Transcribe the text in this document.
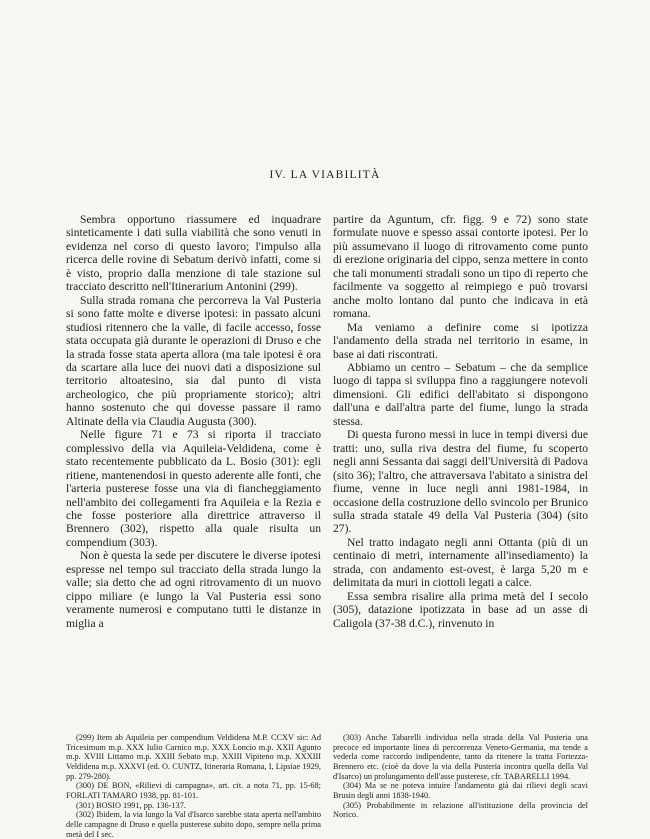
IV. LA VIABILITÀ

Sembra opportuno riassumere ed inquadrare sinteticamente i dati sulla viabilità che sono venuti in evidenza nel corso di questo lavoro; l'impulso alla ricerca delle rovine di Sebatum derivò infatti, come si è visto, proprio dalla menzione di tale stazione sul tracciato descritto nell'Itinerarium Antonini (299).

Sulla strada romana che percorreva la Val Pusteria si sono fatte molte e diverse ipotesi: in passato alcuni studiosi ritennero che la valle, di facile accesso, fosse stata occupata già durante le operazioni di Druso e che la strada fosse stata aperta allora (ma tale ipotesi è ora da scartare alla luce dei nuovi dati a disposizione sul territorio altoatesino, sia dal punto di vista archeologico, che più propriamente storico); altri hanno sostenuto che qui dovesse passare il ramo Altinate della via Claudia Augusta (300).

Nelle figure 71 e 73 si riporta il tracciato complessivo della via Aquileia-Veldidena, come è stato recentemente pubblicato da L. Bosio (301): egli ritiene, mantenendosi in questo aderente alle fonti, che l'arteria pusterese fosse una via di fiancheggiamento nell'ambito dei collegamenti fra Aquileia e la Rezia e che fosse posteriore alla direttrice attraverso il Brennero (302), rispetto alla quale risulta un compendium (303).

Non è questa la sede per discutere le diverse ipotesi espresse nel tempo sul tracciato della strada lungo la valle; sia detto che ad ogni ritrovamento di un nuovo cippo miliare (e lungo la Val Pusteria essi sono veramente numerosi e computano tutti le distanze in miglia a

partire da Aguntum, cfr. figg. 9 e 72) sono state formulate nuove e spesso assai contorte ipotesi. Per lo più assumevano il luogo di ritrovamento come punto di erezione originaria del cippo, senza mettere in conto che tali monumenti stradali sono un tipo di reperto che facilmente va soggetto al reimpiego e può trovarsi anche molto lontano dal punto che indicava in età romana.

Ma veniamo a definire come si ipotizza l'andamento della strada nel territorio in esame, in base ai dati riscontrati.

Abbiamo un centro – Sebatum – che da semplice luogo di tappa si sviluppa fino a raggiungere notevoli dimensioni. Gli edifici dell'abitato si dispongono dall'una e dall'altra parte del fiume, lungo la strada stessa.

Di questa furono messi in luce in tempi diversi due tratti: uno, sulla riva destra del fiume, fu scoperto negli anni Sessanta dai saggi dell'Università di Padova (sito 36); l'altro, che attraversava l'abitato a sinistra del fiume, venne in luce negli anni 1981-1984, in occasione della costruzione dello svincolo per Brunico sulla strada statale 49 della Val Pusteria (304) (sito 27).

Nel tratto indagato negli anni Ottanta (più di un centinaio di metri, internamente all'insediamento) la strada, con andamento est-ovest, è larga 5,20 m e delimitata da muri in ciottoli legati a calce.

Essa sembra risalire alla prima metà del I secolo (305), datazione ipotizzata in base ad un asse di Caligola (37-38 d.C.), rinvenuto in

(299) Item ab Aquileia per compendium Veldidena M.P. CCXV sic: Ad Tricesimum m.p. XXX Iulio Carnico m.p. XXX Loncio m.p. XXII Agunto m.p. XVIII Littamo m.p. XXIII Sebato m.p. XXIII Vipiteno m.p. XXXIII Veldidena m.p. XXXVI (ed. O. CUNTZ, Itineraria Romana, I, Lipsiae 1929, pp. 279-280).

(300) DE BON, «Rilievi di campagna», art. cit. a nota 71, pp. 15-68; FORLATI TAMARO 1938, pp. 81-101.

(301) BOSIO 1991, pp. 136-137.

(302) Ibidem, la via lungo la Val d'Isarco sarebbe stata aperta nell'ambito delle campagne di Druso e quella pusterese subito dopo, sempre nella prima metà del I sec.

(303) Anche Tabarelli individua nella strada della Val Pusteria una precoce ed importante linea di percorrenza Veneto-Germania, ma tende a vederla come raccordo indipendente, tanto da ritenere la tratta Fortezza-Brennero etc. (cioè da dove la via della Pusteria incontra quella della Val d'Isarco) un prolungamento dell'asse pusterese, cfr. TABARELLI 1994.

(304) Ma se ne poteva intuire l'andamento già dai rilievi degli scavi Brusin degli anni 1838-1940.

(305) Probabilmente in relazione all'istituzione della provincia del Norico.
